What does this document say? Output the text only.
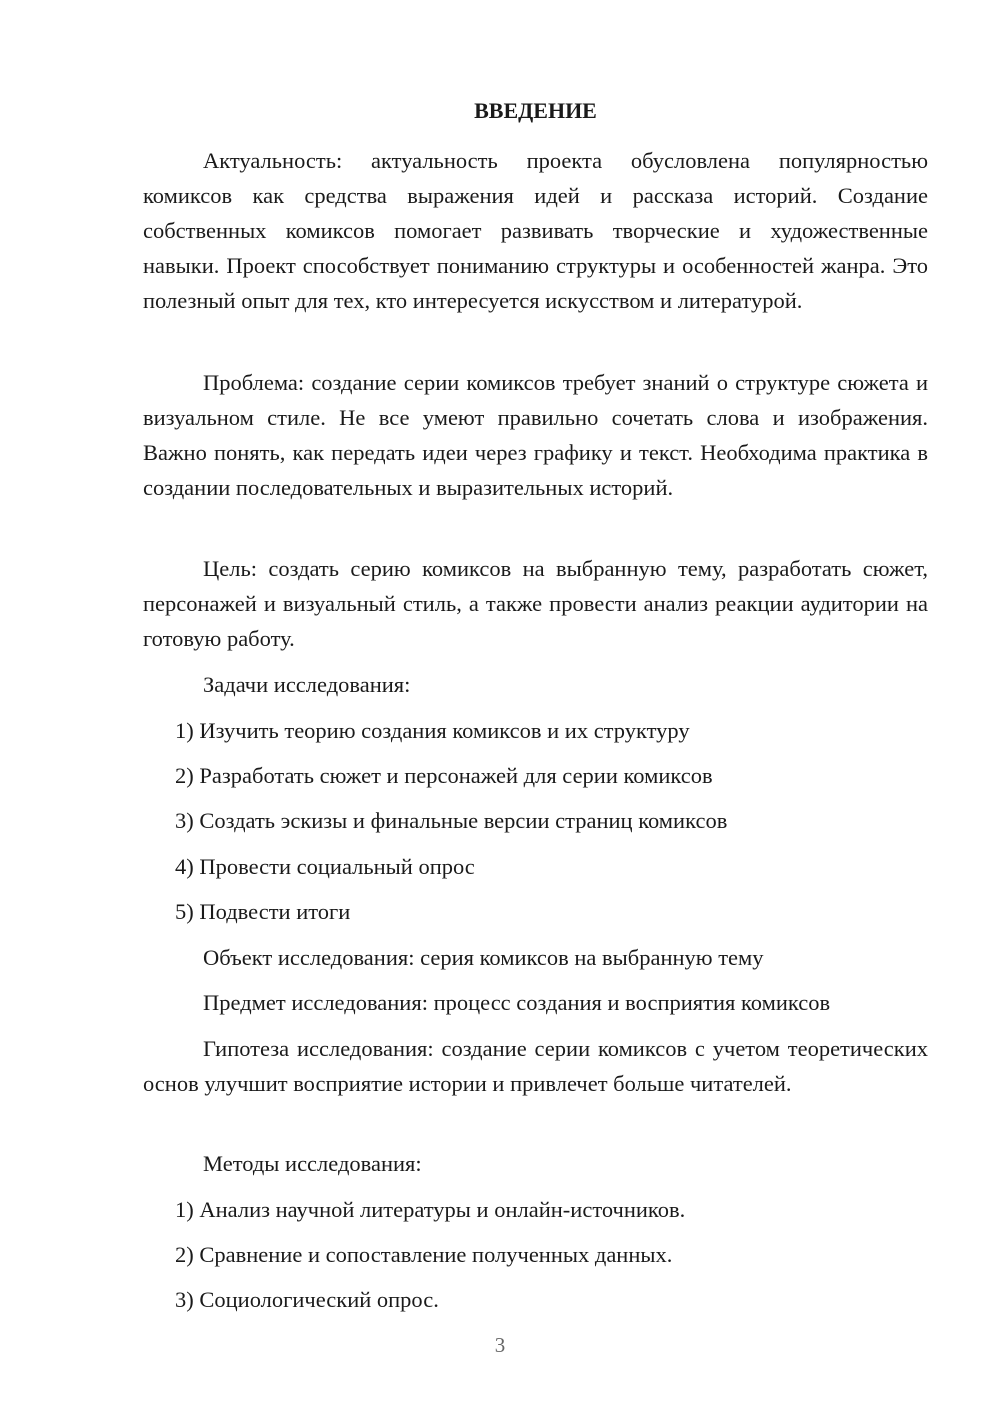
ВВЕДЕНИЕ

Актуальность: актуальность проекта обусловлена популярностью комиксов как средства выражения идей и рассказа историй. Создание собственных комиксов помогает развивать творческие и художественные навыки. Проект способствует пониманию структуры и особенностей жанра. Это полезный опыт для тех, кто интересуется искусством и литературой.

Проблема: создание серии комиксов требует знаний о структуре сюжета и визуальном стиле. Не все умеют правильно сочетать слова и изображения. Важно понять, как передать идеи через графику и текст. Необходима практика в создании последовательных и выразительных историй.

Цель: создать серию комиксов на выбранную тему, разработать сюжет, персонажей и визуальный стиль, а также провести анализ реакции аудитории на готовую работу.

Задачи исследования:

1) Изучить теорию создания комиксов и их структуру

2) Разработать сюжет и персонажей для серии комиксов

3) Создать эскизы и финальные версии страниц комиксов

4) Провести социальный опрос

5) Подвести итоги

Объект исследования: серия комиксов на выбранную тему

Предмет исследования: процесс создания и восприятия комиксов

Гипотеза исследования: создание серии комиксов с учетом теоретических основ улучшит восприятие истории и привлечет больше читателей.

Методы исследования:

1) Анализ научной литературы и онлайн-источников.

2) Сравнение и сопоставление полученных данных.

3) Социологический опрос.

3
